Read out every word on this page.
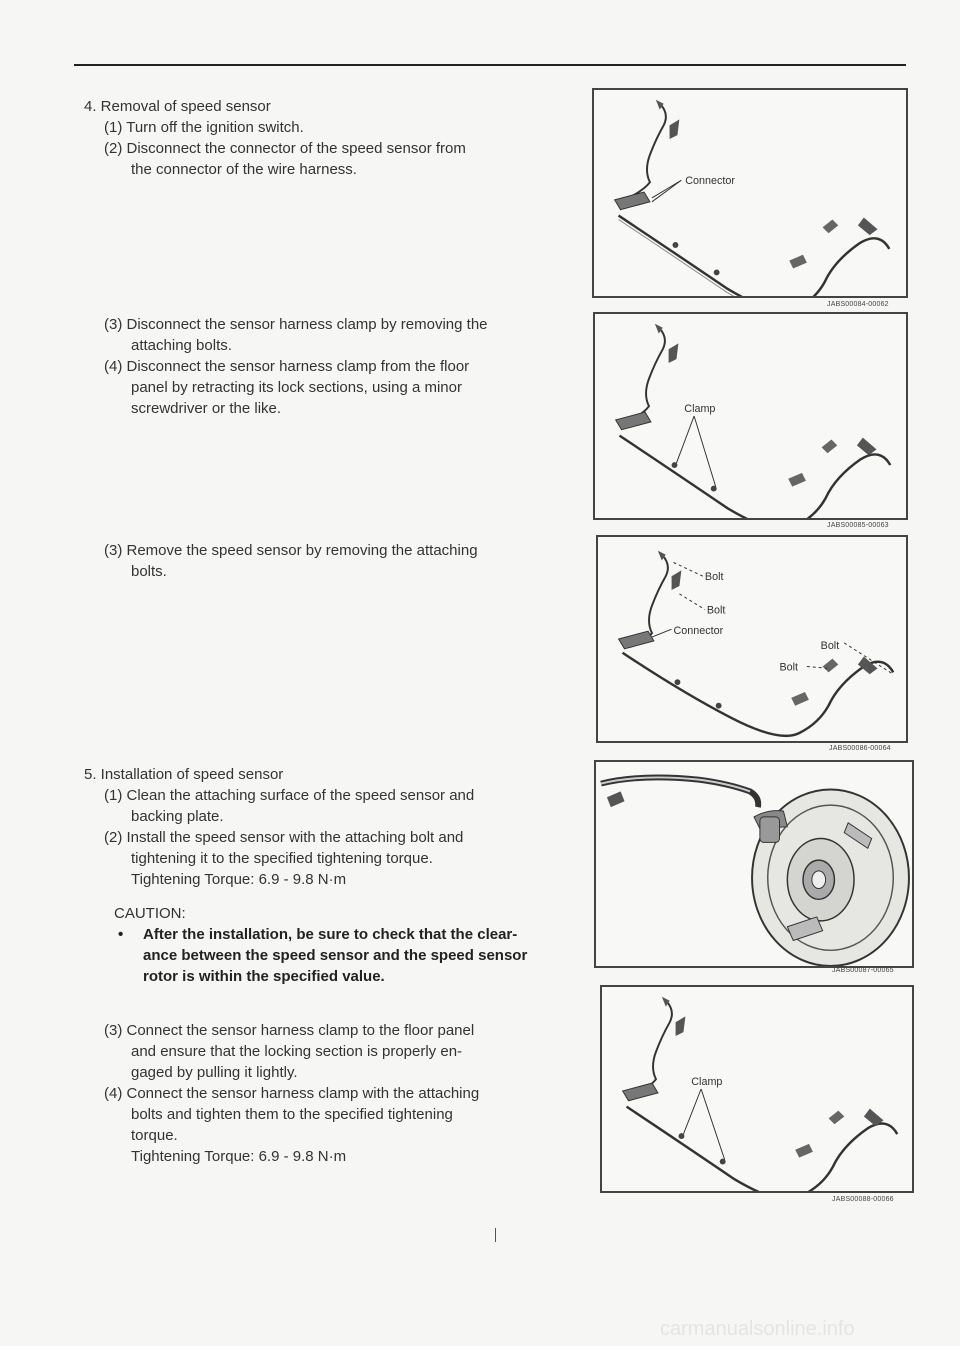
4. Removal of speed sensor
(1) Turn off the ignition switch.
(2) Disconnect the connector of the speed sensor from
the connector of the wire harness.
(3) Disconnect the sensor harness clamp by removing the
attaching bolts.
(4) Disconnect the sensor harness clamp from the floor
panel by retracting its lock sections, using a minor
screwdriver or the like.
(3) Remove the speed sensor by removing the attaching
bolts.
5. Installation of speed sensor
(1) Clean the attaching surface of the speed sensor and
backing plate.
(2) Install the speed sensor with the attaching bolt and
tightening it to the specified tightening torque.
Tightening Torque: 6.9 - 9.8 N·m
CAUTION:
• After the installation, be sure to check that the clear-
ance between the speed sensor and the speed sensor
rotor is within the specified value.
(3) Connect the sensor harness clamp to the floor panel
and ensure that the locking section is properly en-
gaged by pulling it lightly.
(4) Connect the sensor harness clamp with the attaching
bolts and tighten them to the specified tightening
torque.
Tightening Torque: 6.9 - 9.8 N·m
Connector
JABS00084-00062
Clamp
JABS00085-00063
Bolt
Bolt
Connector
Bolt
Bolt
JABS00086-00064
JABS00087-00065
Clamp
JABS00088-00066
carmanualsonline.info
